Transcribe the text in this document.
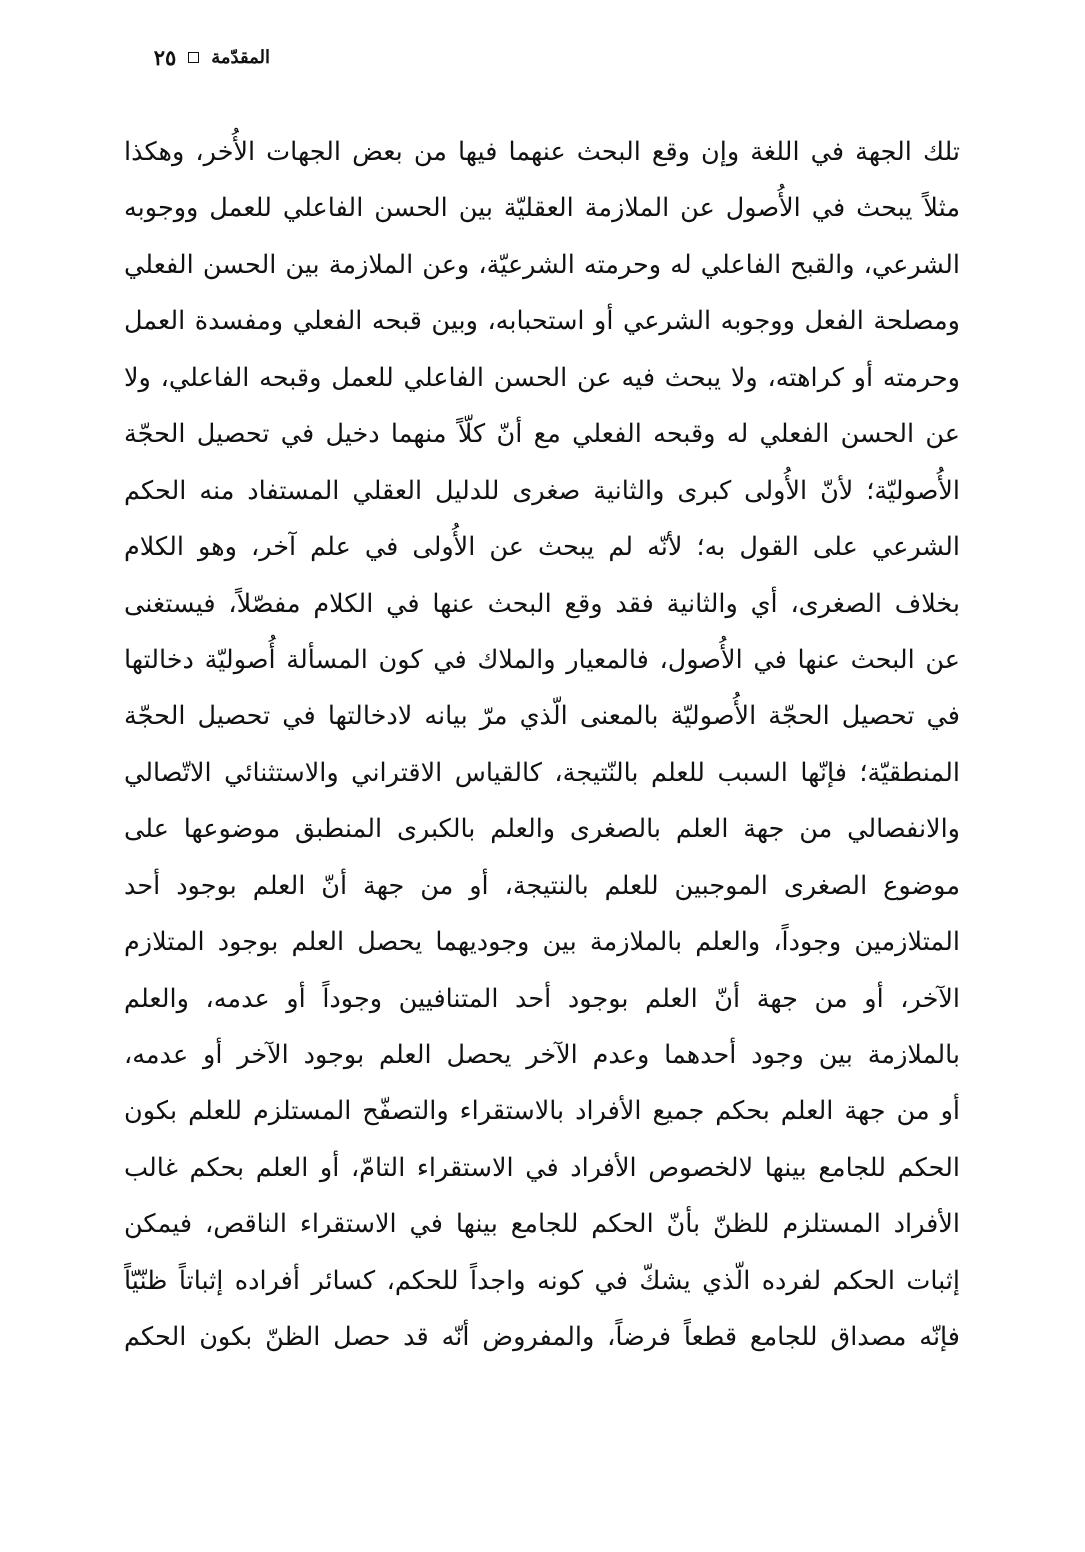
المقدّمة
٢٥
تلك الجهة في اللغة وإن وقع البحث عنهما فيها من بعض الجهات الأُخر، وهكذا
مثلاً يبحث في الأُصول عن الملازمة العقليّة بين الحسن الفاعلي للعمل ووجوبه
الشرعي، والقبح الفاعلي له وحرمته الشرعيّة، وعن الملازمة بين الحسن الفعلي
ومصلحة الفعل ووجوبه الشرعي أو استحبابه، وبين قبحه الفعلي ومفسدة العمل
وحرمته أو كراهته، ولا يبحث فيه عن الحسن الفاعلي للعمل وقبحه الفاعلي، ولا
عن الحسن الفعلي له وقبحه الفعلي مع أنّ كلّاً منهما دخيل في تحصيل الحجّة
الأُصوليّة؛ لأنّ الأُولى كبرى والثانية صغرى للدليل العقلي المستفاد منه الحكم
الشرعي على القول به؛ لأنّه لم يبحث عن الأُولى في علم آخر، وهو الكلام
بخلاف الصغرى، أي والثانية فقد وقع البحث عنها في الكلام مفصّلاً، فيستغنى
عن البحث عنها في الأُصول، فالمعيار والملاك في كون المسألة أُصوليّة دخالتها
في تحصيل الحجّة الأُصوليّة بالمعنى الّذي مرّ بيانه لادخالتها في تحصيل الحجّة
المنطقيّة؛ فإنّها السبب للعلم بالنّتيجة، كالقياس الاقتراني والاستثنائي الاتّصالي
والانفصالي من جهة العلم بالصغرى والعلم بالكبرى المنطبق موضوعها على
موضوع الصغرى الموجبين للعلم بالنتيجة، أو من جهة أنّ العلم بوجود أحد
المتلازمين وجوداً، والعلم بالملازمة بين وجوديهما يحصل العلم بوجود المتلازم
الآخر، أو من جهة أنّ العلم بوجود أحد المتنافيين وجوداً أو عدمه، والعلم
بالملازمة بين وجود أحدهما وعدم الآخر يحصل العلم بوجود الآخر أو عدمه،
أو من جهة العلم بحكم جميع الأفراد بالاستقراء والتصفّح المستلزم للعلم بكون
الحكم للجامع بينها لالخصوص الأفراد في الاستقراء التامّ، أو العلم بحكم غالب
الأفراد المستلزم للظنّ بأنّ الحكم للجامع بينها في الاستقراء الناقص، فيمكن
إثبات الحكم لفرده الّذي يشكّ في كونه واجداً للحكم، كسائر أفراده إثباتاً ظنّيّاً
فإنّه مصداق للجامع قطعاً فرضاً، والمفروض أنّه قد حصل الظنّ بكون الحكم
